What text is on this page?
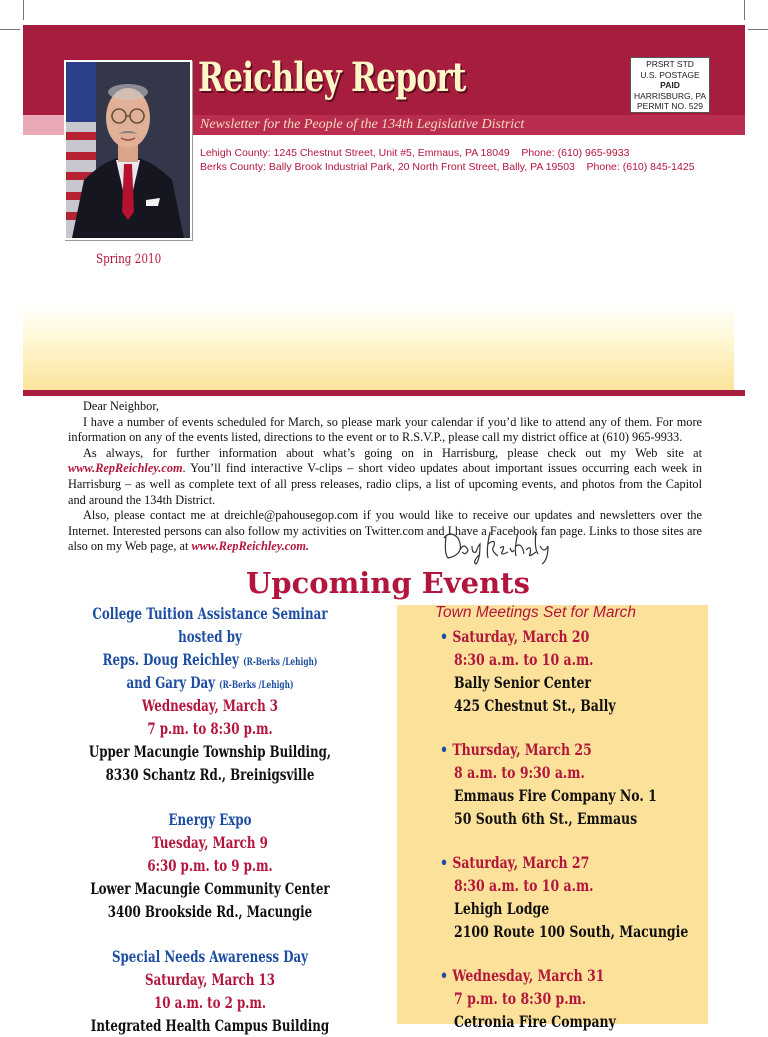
Reichley Report
Newsletter for the People of the 134th Legislative District
PRSRT STD
U.S. POSTAGE
PAID
HARRISBURG, PA
PERMIT NO. 529
Lehigh County: 1245 Chestnut Street, Unit #5, Emmaus, PA 18049    Phone: (610) 965-9933
Berks County: Bally Brook Industrial Park, 20 North Front Street, Bally, PA 19503    Phone: (610) 845-1425
Spring 2010

Dear Neighbor,

I have a number of events scheduled for March, so please mark your calendar if you’d like to attend any of them. For more information on any of the events listed, directions to the event or to R.S.V.P., please call my district office at (610) 965-9933.

As always, for further information about what’s going on in Harrisburg, please check out my Web site at www.RepReichley.com. You’ll find interactive V-clips – short video updates about important issues occurring each week in Harrisburg – as well as complete text of all press releases, radio clips, a list of upcoming events, and photos from the Capitol and around the 134th District.

Also, please contact me at dreichle@pahousegop.com if you would like to receive our updates and newsletters over the Internet. Interested persons can also follow my activities on Twitter.com and I have a Facebook fan page. Links to those sites are also on my Web page, at www.RepReichley.com.

Upcoming Events
College Tuition Assistance Seminar
hosted by
Reps. Doug Reichley (R-Berks /Lehigh)
and Gary Day (R-Berks /Lehigh)
Wednesday, March 3
7 p.m. to 8:30 p.m.
Upper Macungie Township Building,
8330 Schantz Rd., Breinigsville
Energy Expo
Tuesday, March 9
6:30 p.m. to 9 p.m.
Lower Macungie Community Center
3400 Brookside Rd., Macungie
Special Needs Awareness Day
Saturday, March 13
10 a.m. to 2 p.m.
Integrated Health Campus Building
Town Meetings Set for March
• Saturday, March 20
8:30 a.m. to 10 a.m.
Bally Senior Center
425 Chestnut St., Bally
• Thursday, March 25
8 a.m. to 9:30 a.m.
Emmaus Fire Company No. 1
50 South 6th St., Emmaus
• Saturday, March 27
8:30 a.m. to 10 a.m.
Lehigh Lodge
2100 Route 100 South, Macungie
• Wednesday, March 31
7 p.m. to 8:30 p.m.
Cetronia Fire Company
